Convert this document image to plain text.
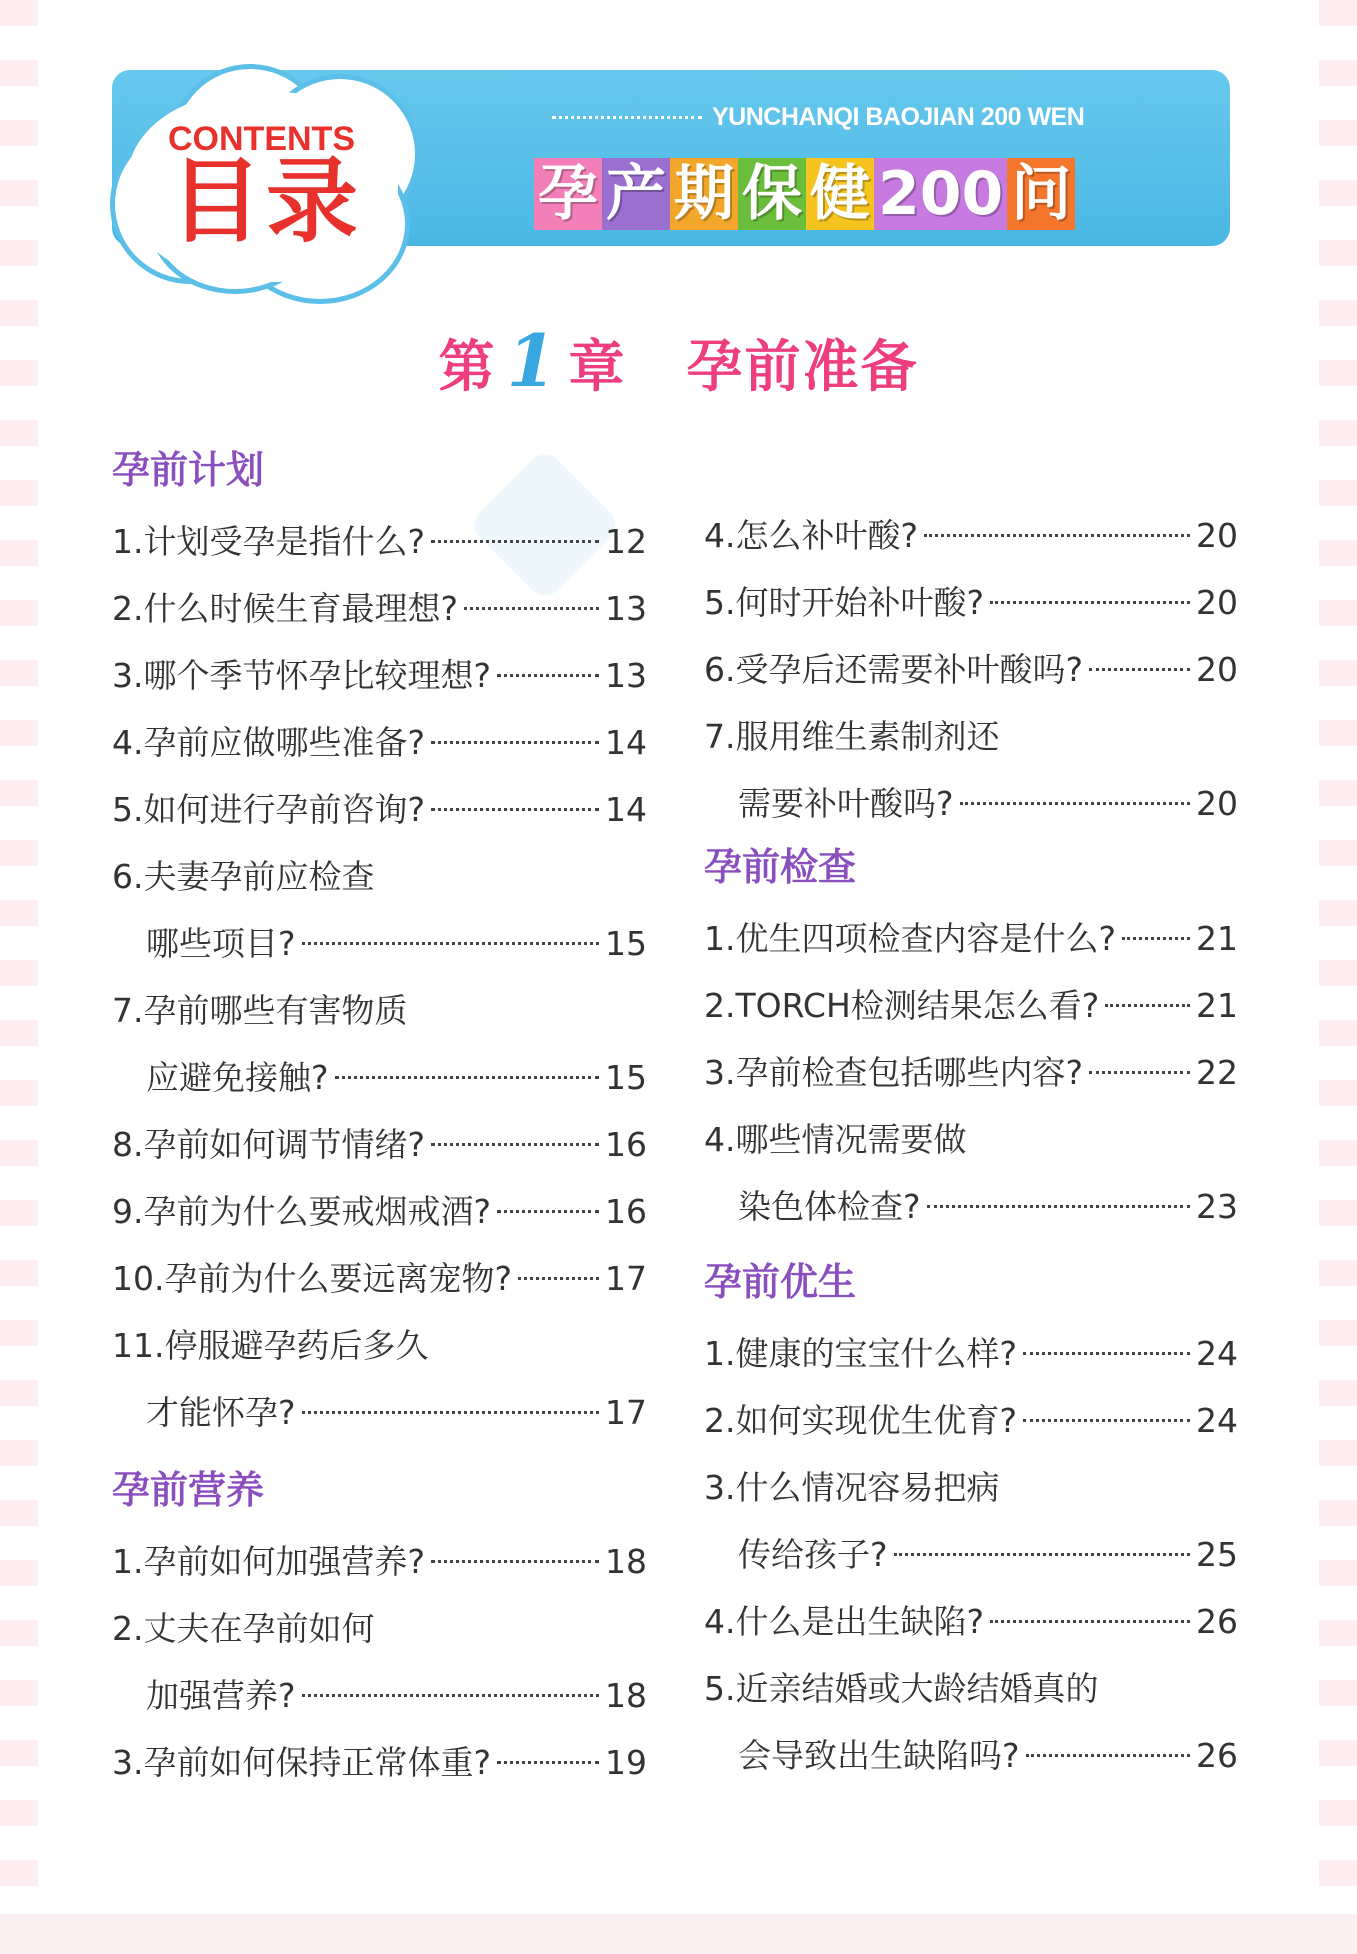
CONTENTS
目录
YUNCHANQI BAOJIAN 200 WEN
孕 产 期 保 健 200 问
第 1 章 孕前准备
孕前计划
1.计划受孕是指什么?	12
2.什么时候生育最理想?	13
3.哪个季节怀孕比较理想?	13
4.孕前应做哪些准备?	14
5.如何进行孕前咨询?	14
6.夫妻孕前应检查
哪些项目?	15
7.孕前哪些有害物质
应避免接触?	15
8.孕前如何调节情绪?	16
9.孕前为什么要戒烟戒酒?	16
10.孕前为什么要远离宠物?	17
11.停服避孕药后多久
才能怀孕?	17
孕前营养
1.孕前如何加强营养?	18
2.丈夫在孕前如何
加强营养?	18
3.孕前如何保持正常体重?	19
4.怎么补叶酸?	20
5.何时开始补叶酸?	20
6.受孕后还需要补叶酸吗?	20
7.服用维生素制剂还
需要补叶酸吗?	20
孕前检查
1.优生四项检查内容是什么? 21
2.TORCH检测结果怎么看?	21
3.孕前检查包括哪些内容?	22
4.哪些情况需要做
染色体检查?	23
孕前优生
1.健康的宝宝什么样?	24
2.如何实现优生优育?	24
3.什么情况容易把病
传给孩子?	25
4.什么是出生缺陷?	26
5.近亲结婚或大龄结婚真的
会导致出生缺陷吗?	26
